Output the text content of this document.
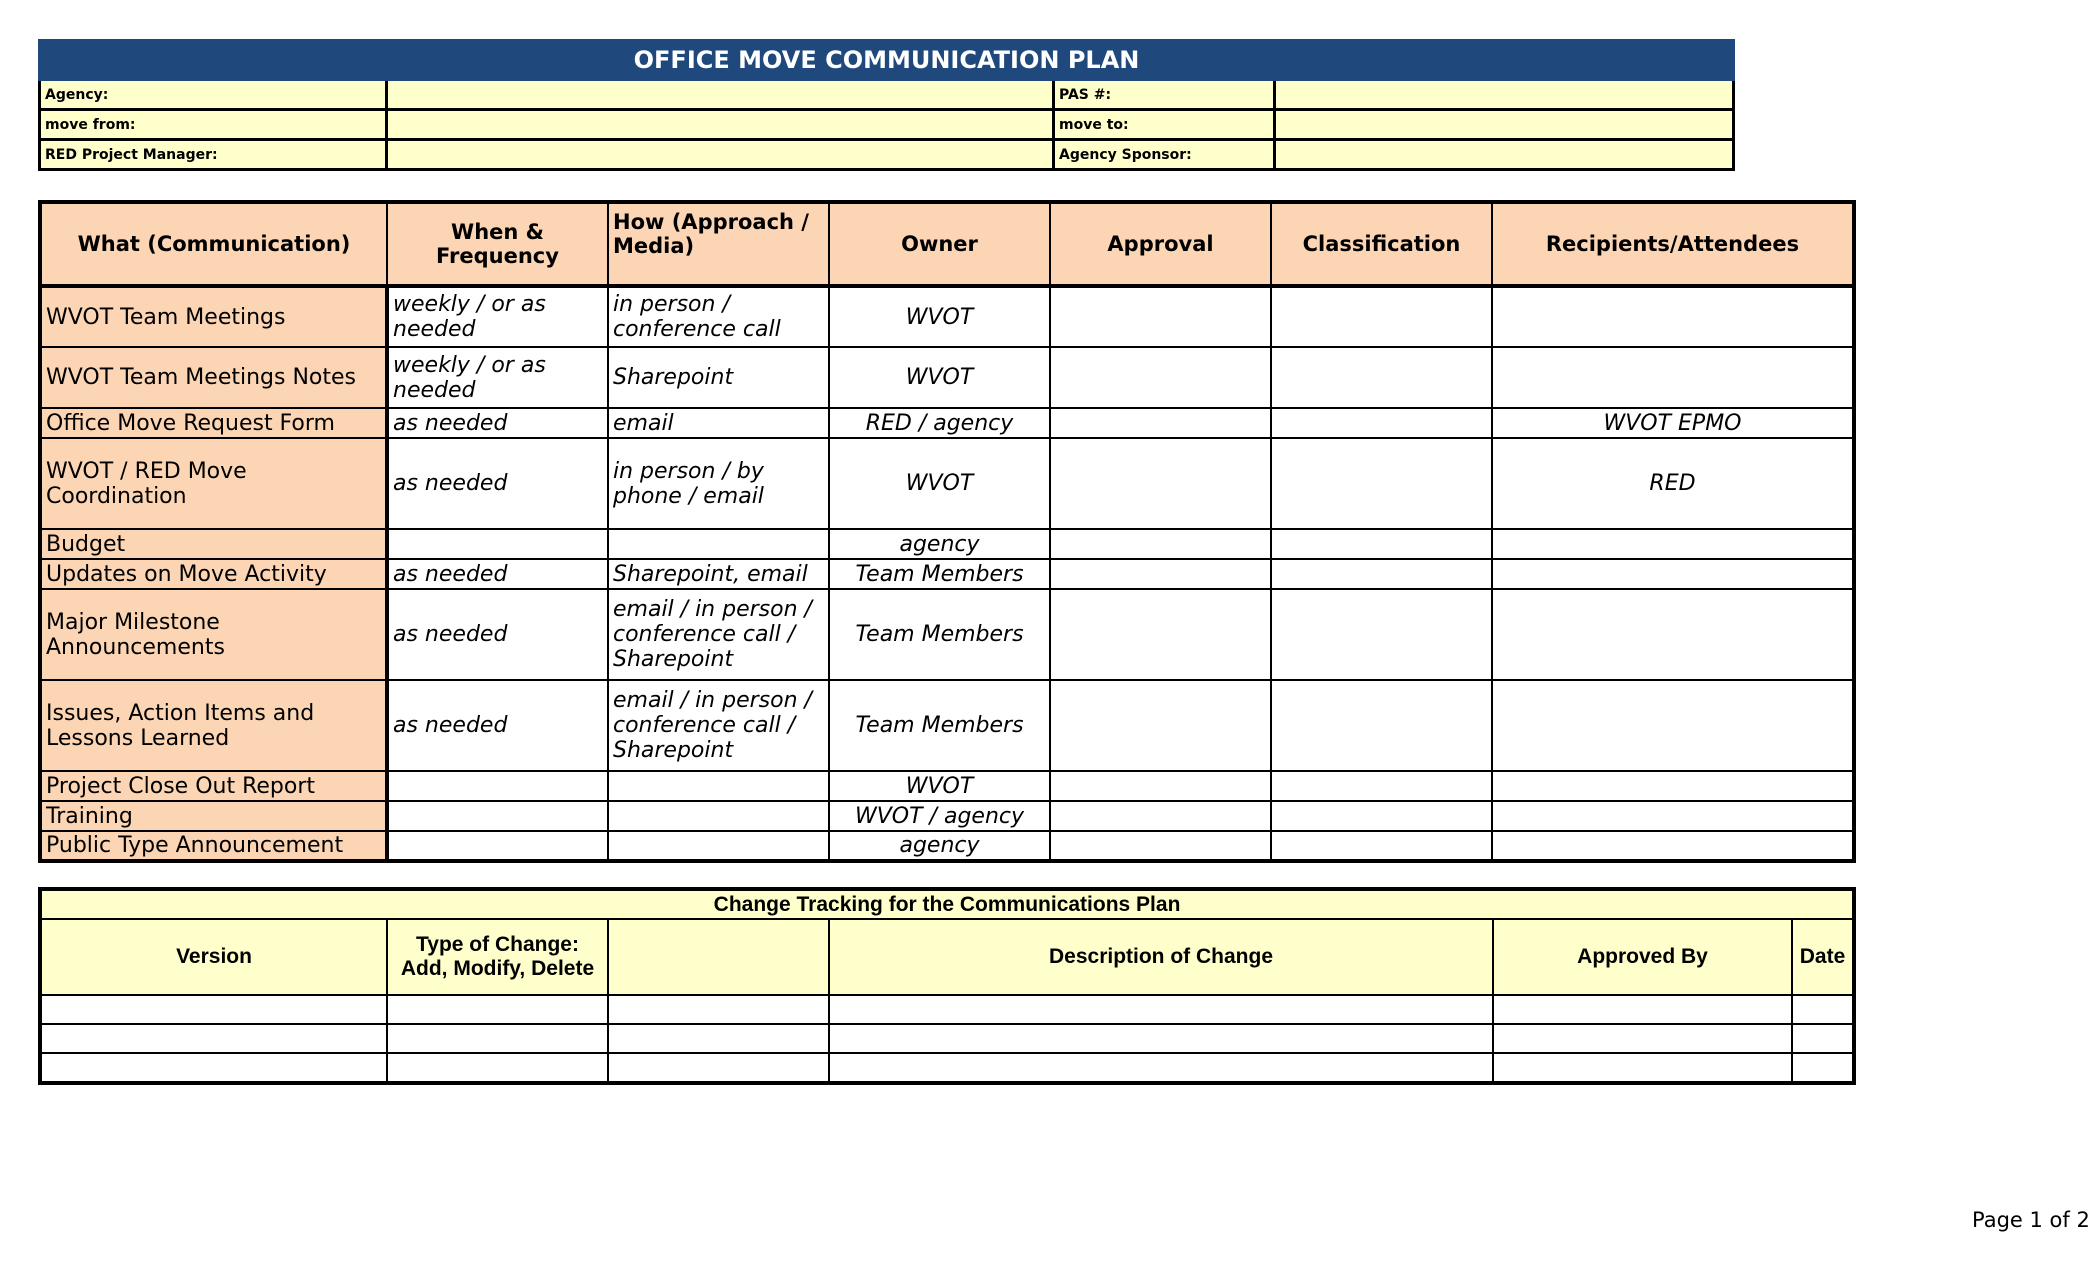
OFFICE MOVE COMMUNICATION PLAN			
Agency:		PAS #:	
move from:		move to:	
RED Project Manager:		Agency Sponsor:	
What (Communication)	When & Frequency	How (Approach / Media)	Owner	Approval	Classification	Recipients/Attendees
WVOT Team Meetings	weekly / or as needed	in person / conference call	WVOT			
WVOT Team Meetings Notes	weekly / or as needed	Sharepoint	WVOT			
Office Move Request Form	as needed	email	RED / agency			WVOT EPMO
WVOT / RED Move Coordination	as needed	in person / by phone / email	WVOT			RED
Budget			agency			
Updates on Move Activity	as needed	Sharepoint, email	Team Members			
Major Milestone Announcements	as needed	email / in person / conference call / Sharepoint	Team Members			
Issues, Action Items and Lessons Learned	as needed	email / in person / conference call / Sharepoint	Team Members			
Project Close Out Report			WVOT			
Training			WVOT / agency			
Public Type Announcement			agency			
Change Tracking for the Communications Plan					
Version	Type of Change: Add, Modify, Delete		Description of Change	Approved By	Date

Page 1 of 2
